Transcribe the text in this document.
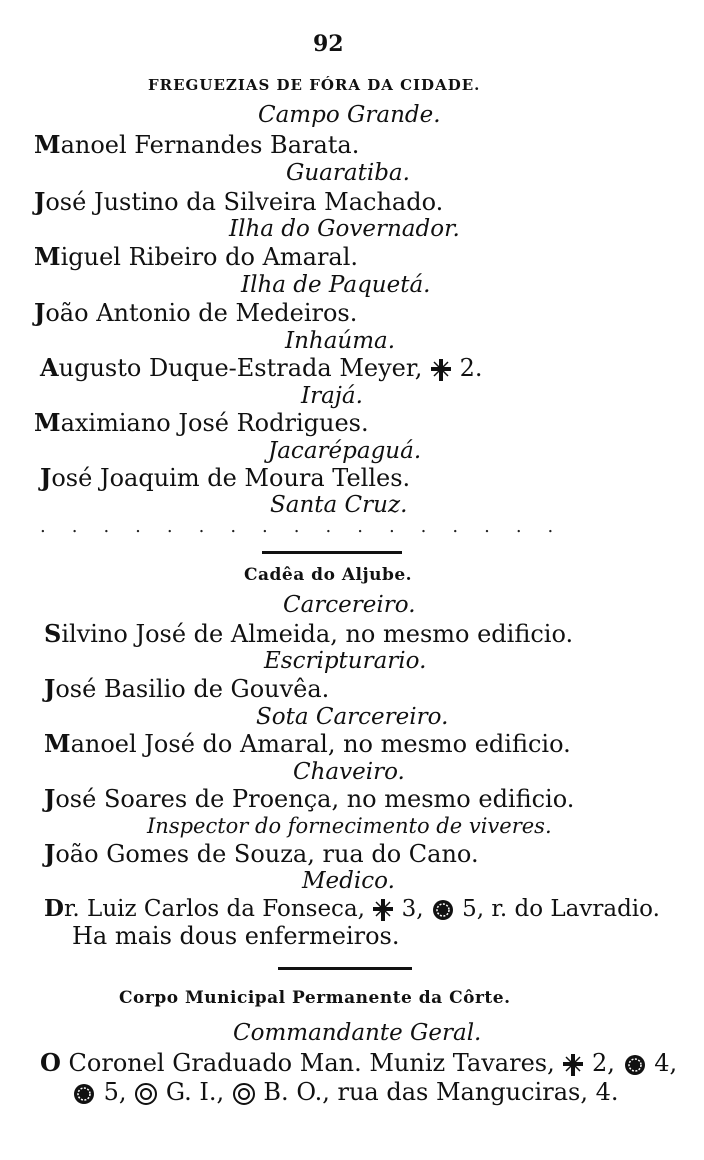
92
FREGUEZIAS DE FÓRA DA CIDADE.
Campo Grande.
Manoel Fernandes Barata.
Guaratiba.
José Justino da Silveira Machado.
Ilha do Governador.
Miguel Ribeiro do Amaral.
Ilha de Paquetá.
João Antonio de Medeiros.
Inhaúma.
Augusto Duque-Estrada Meyer, 2.
Irajá.
Maximiano José Rodrigues.
Jacarépaguá.
José Joaquim de Moura Telles.
Santa Cruz.
.................
Cadêa do Aljube.
Carcereiro.
Silvino José de Almeida, no mesmo edificio.
Escripturario.
José Basilio de Gouvêa.
Sota Carcereiro.
Manoel José do Amaral, no mesmo edificio.
Chaveiro.
José Soares de Proença, no mesmo edificio.
Inspector do fornecimento de viveres.
João Gomes de Souza, rua do Cano.
Medico.
Dr. Luiz Carlos da Fonseca, 3, 5, r. do Lavradio.
Ha mais dous enfermeiros.
Corpo Municipal Permanente da Côrte.
Commandante Geral.
O Coronel Graduado Man. Muniz Tavares, 2, 4,
5, G. I., B. O., rua das Manguciras, 4.
